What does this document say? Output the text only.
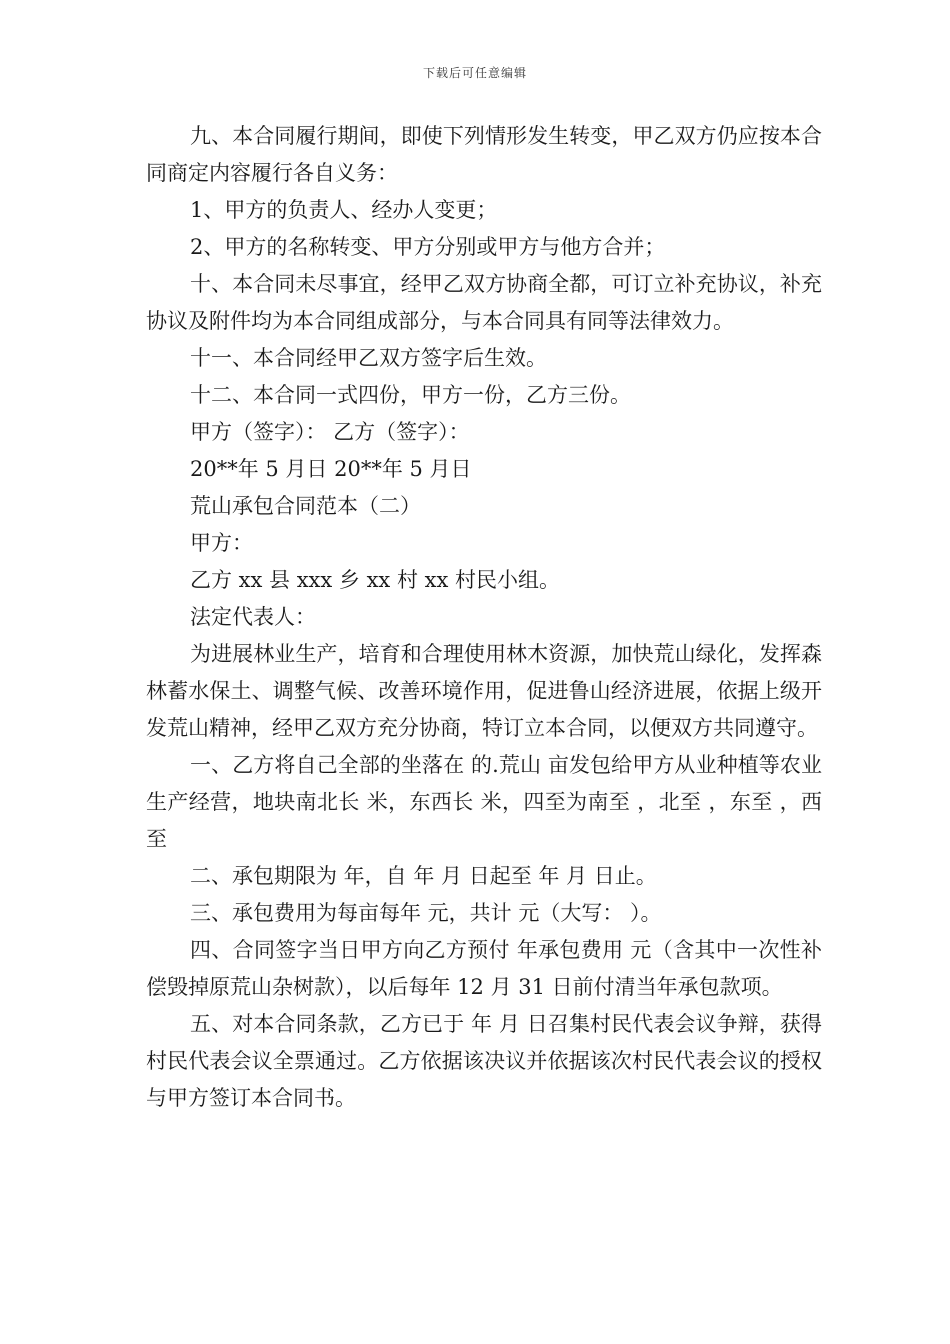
下载后可任意编辑

九、本合同履行期间，即使下列情形发生转变，甲乙双方仍应按本合同商定内容履行各自义务：

1、甲方的负责人、经办人变更；

2、甲方的名称转变、甲方分别或甲方与他方合并；

十、本合同未尽事宜，经甲乙双方协商全都，可订立补充协议，补充协议及附件均为本合同组成部分，与本合同具有同等法律效力。

十一、本合同经甲乙双方签字后生效。

十二、本合同一式四份，甲方一份，乙方三份。

甲方（签字）： 乙方（签字）：

20**年 5 月日 20**年 5 月日

荒山承包合同范本（二）

甲方：

乙方 xx 县 xxx 乡 xx 村 xx 村民小组。

法定代表人：

为进展林业生产，培育和合理使用林木资源，加快荒山绿化，发挥森林蓄水保土、调整气候、改善环境作用，促进鲁山经济进展，依据上级开发荒山精神，经甲乙双方充分协商，特订立本合同，以便双方共同遵守。

一、乙方将自己全部的坐落在 的.荒山 亩发包给甲方从业种植等农业生产经营，地块南北长 米，东西长 米，四至为南至 ，北至 ，东至 ，西至

二、承包期限为 年，自 年 月 日起至 年 月 日止。

三、承包费用为每亩每年 元，共计 元（大写： ）。

四、合同签字当日甲方向乙方预付 年承包费用 元（含其中一次性补偿毁掉原荒山杂树款），以后每年 12 月 31 日前付清当年承包款项。

五、对本合同条款，乙方已于 年 月 日召集村民代表会议争辩，获得村民代表会议全票通过。乙方依据该决议并依据该次村民代表会议的授权与甲方签订本合同书。
